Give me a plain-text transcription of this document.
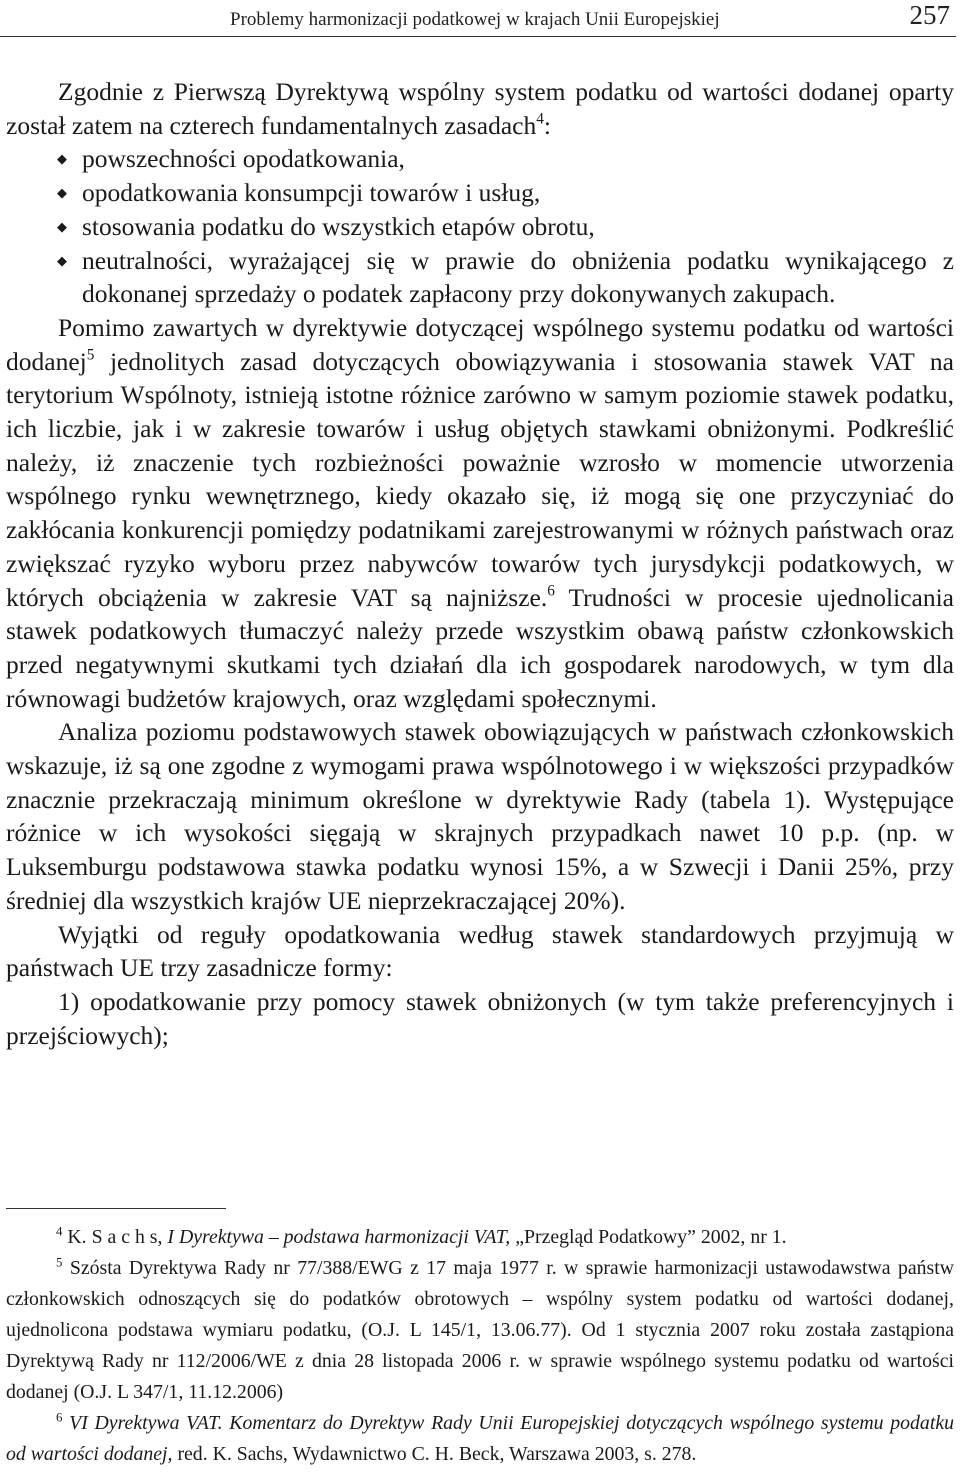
Problemy harmonizacji podatkowej w krajach Unii Europejskiej	257

Zgodnie z Pierwszą Dyrektywą wspólny system podatku od wartości dodanej oparty został zatem na czterech fundamentalnych zasadach$^4$:

◆ powszechności opodatkowania,
◆ opodatkowania konsumpcji towarów i usług,
◆ stosowania podatku do wszystkich etapów obrotu,
◆ neutralności, wyrażającej się w prawie do obniżenia podatku wynikającego z dokonanej sprzedaży o podatek zapłacony przy dokonywanych zakupach.

Pomimo zawartych w dyrektywie dotyczącej wspólnego systemu podatku od wartości dodanej$^5$ jednolitych zasad dotyczących obowiązywania i stosowania stawek VAT na terytorium Wspólnoty, istnieją istotne różnice zarówno w samym poziomie stawek podatku, ich liczbie, jak i w zakresie towarów i usług objętych stawkami obniżonymi. Podkreślić należy, iż znaczenie tych rozbieżności poważnie wzrosło w momencie utworzenia wspólnego rynku wewnętrznego, kiedy okazało się, iż mogą się one przyczyniać do zakłócania konkurencji pomiędzy podatnikami zarejestrowanymi w różnych państwach oraz zwiększać ryzyko wyboru przez nabywców towarów tych jurysdykcji podatkowych, w których obciążenia w zakresie VAT są najniższe.$^6$ Trudności w procesie ujednolicania stawek podatkowych tłumaczyć należy przede wszystkim obawą państw członkowskich przed negatywnymi skutkami tych działań dla ich gospodarek narodowych, w tym dla równowagi budżetów krajowych, oraz względami społecznymi.

Analiza poziomu podstawowych stawek obowiązujących w państwach członkowskich wskazuje, iż są one zgodne z wymogami prawa wspólnotowego i w większości przypadków znacznie przekraczają minimum określone w dyrektywie Rady (tabela 1). Występujące różnice w ich wysokości sięgają w skrajnych przypadkach nawet 10 p.p. (np. w Luksemburgu podstawowa stawka podatku wynosi 15%, a w Szwecji i Danii 25%, przy średniej dla wszystkich krajów UE nieprzekraczającej 20%).

Wyjątki od reguły opodatkowania według stawek standardowych przyjmują w państwach UE trzy zasadnicze formy:

1) opodatkowanie przy pomocy stawek obniżonych (w tym także preferencyjnych i przejściowych);

$^4$ K. S a c h s, I Dyrektywa – podstawa harmonizacji VAT, „Przegląd Podatkowy” 2002, nr 1.

$^5$ Szósta Dyrektywa Rady nr 77/388/EWG z 17 maja 1977 r. w sprawie harmonizacji ustawodawstwa państw członkowskich odnoszących się do podatków obrotowych – wspólny system podatku od wartości dodanej, ujednolicona podstawa wymiaru podatku, (O.J. L 145/1, 13.06.77). Od 1 stycznia 2007 roku została zastąpiona Dyrektywą Rady nr 112/2006/WE z dnia 28 listopada 2006 r. w sprawie wspólnego systemu podatku od wartości dodanej (O.J. L 347/1, 11.12.2006)

$^6$ VI Dyrektywa VAT. Komentarz do Dyrektyw Rady Unii Europejskiej dotyczących wspólnego systemu podatku od wartości dodanej, red. K. Sachs, Wydawnictwo C. H. Beck, Warszawa 2003, s. 278.
